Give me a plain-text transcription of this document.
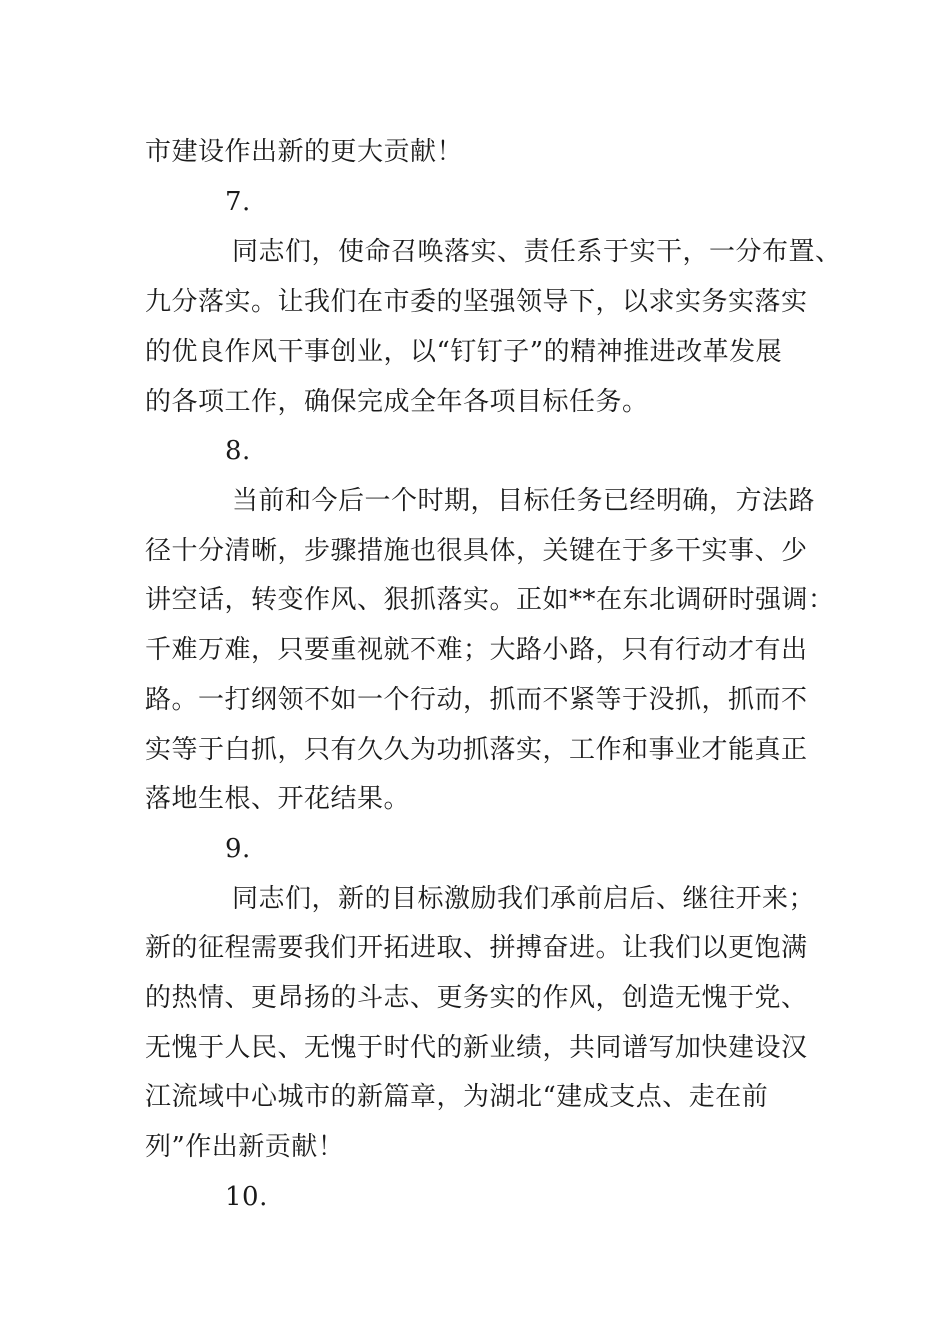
市建设作出新的更大贡献！
7.
同志们，使命召唤落实、责任系于实干，一分布置、
九分落实。让我们在市委的坚强领导下，以求实务实落实
的优良作风干事创业，以“钉钉子”的精神推进改革发展
的各项工作，确保完成全年各项目标任务。
8.
当前和今后一个时期，目标任务已经明确，方法路
径十分清晰，步骤措施也很具体，关键在于多干实事、少
讲空话，转变作风、狠抓落实。正如**在东北调研时强调：
千难万难，只要重视就不难；大路小路，只有行动才有出
路。一打纲领不如一个行动，抓而不紧等于没抓，抓而不
实等于白抓，只有久久为功抓落实，工作和事业才能真正
落地生根、开花结果。
9.
同志们，新的目标激励我们承前启后、继往开来；
新的征程需要我们开拓进取、拼搏奋进。让我们以更饱满
的热情、更昂扬的斗志、更务实的作风，创造无愧于党、
无愧于人民、无愧于时代的新业绩，共同谱写加快建设汉
江流域中心城市的新篇章，为湖北“建成支点、走在前
列”作出新贡献！
10.
